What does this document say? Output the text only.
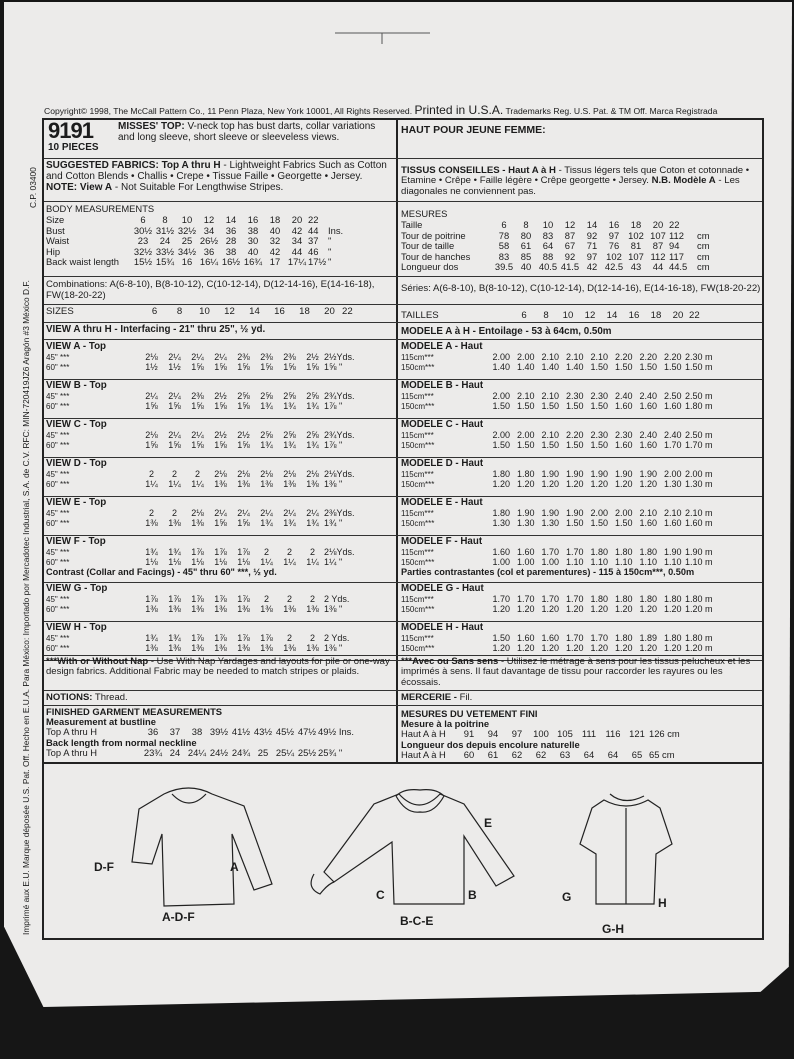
Copyright© 1998, The McCall Pattern Co., 11 Penn Plaza, New York 10001, All Rights Reserved. Printed in U.S.A. Trademarks Reg. U.S. Pat. & TM Off. Marca Registrada
C.P. 03400
Imprimé aux E.U. Marque déposée U.S. Pat. Off. Hecho en E.U.A. Para México: Importado por Mercadotec Industrial, S.A. de C.V. RFC: MIN-720419JZ6 Aragón #3 México D.F.
9191
10 PIECES
MISSES' TOP: V-neck top has bust darts, collar variations and long sleeve, short sleeve or sleeveless views.
HAUT POUR JEUNE FEMME:
SUGGESTED FABRICS: Top A thru H - Lightweight Fabrics Such as Cotton and Cotton Blends • Challis • Crepe • Tissue Faille • Georgette • Jersey. NOTE: View A - Not Suitable For Lengthwise Stripes.
TISSUS CONSEILLES - Haut A à H - Tissus légers tels que Coton et cotonnade • Etamine • Crêpe • Faille légère • Crêpe georgette • Jersey. N.B. Modèle A - Les diagonales ne conviennent pas.
BODY MEASUREMENTS
Size	6	8	10	12	14	16	18	20 22
Bust	30½ 31½ 32½ 34	36	38	40	42 44	Ins.
Waist	23	24	25 26½ 28	30	32	34 37	"
Hip	32½ 33½ 34½ 36	38	40	42	44 46	"
Back waist length 15½ 15¾ 16 16¼ 16½ 16¾ 17 17¼ 17½ "
MESURES
Taille	6	8	10	12	14	16	18	20 22
Tour de poitrine	78	80	83	87	92	97 102 107 112	cm
Tour de taille	58	61	64	67	71	76	81	87 94	cm
Tour de hanches	83	85	88	92	97 102 107 112 117	cm
Longueur dos	39.5 40 40.5 41.5 42 42.5 43	44 44.5	cm
Combinations: A(6-8-10), B(8-10-12), C(10-12-14), D(12-14-16), E(14-16-18), FW(18-20-22)
Séries: A(6-8-10), B(8-10-12), C(10-12-14), D(12-14-16), E(14-16-18), FW(18-20-22)
SIZES	6	8	10	12	14	16	18	20 22	TAILLES	6	8	10	12	14	16	18	20 22
VIEW A thru H - Interfacing - 21" thru 25", ½ yd.	MODELE A à H - Entoilage - 53 à 64cm, 0.50m
VIEW A - Top
45" ***	2⅛	2¼	2¼	2¼	2⅜	2⅜	2⅜	2½ 2½Yds.
60" ***	1½	1½	1⅝	1⅝	1⅝	1⅝	1⅝	1⅝ 1⅝ "
VIEW B - Top
45" ***	2¼	2¼	2⅜	2½	2⅝	2⅝	2⅝	2⅝ 2¾Yds.
60" ***	1⅝	1⅝	1⅝	1⅝	1⅝	1¾	1¾	1¾ 1⅞ "
VIEW C - Top
45" ***	2⅛	2¼	2¼	2½	2½	2⅝	2⅝	2⅝ 2¾Yds.
60" ***	1⅝	1⅝	1⅝	1⅝	1⅝	1¾	1¾	1¾ 1⅞ "
VIEW D - Top
45" ***	2	2	2	2⅛	2⅛	2⅛	2⅛	2⅛ 2⅛Yds.
60" ***	1¼	1¼	1¼	1⅜	1⅜	1⅜	1⅜	1⅜ 1⅜ "
VIEW E - Top
45" ***	2	2	2⅛	2¼	2¼	2¼	2¼	2¼ 2⅜Yds.
60" ***	1⅜	1⅜	1⅜	1⅝	1⅝	1¾	1¾	1¾ 1¾ "
VIEW F - Top
45" ***	1¾	1¾	1⅞	1⅞	1⅞	2	2	2	2⅛Yds.
60" ***	1⅛	1⅛	1⅛	1⅛	1⅛	1¼	1¼	1¼ 1¼ "
Contrast (Collar and Facings) - 45" thru 60" ***, ½ yd.
VIEW G - Top
45" ***	1⅞	1⅞	1⅞	1⅞	1⅞	2	2	2	2 Yds.
60" ***	1⅜	1⅜	1⅜	1⅜	1⅜	1⅜	1⅜	1⅜ 1⅜ "
VIEW H - Top
45" ***	1¾	1¾	1⅞	1⅞	1⅞	1⅞	2	2	2 Yds.
60" ***	1⅜	1⅜	1⅜	1⅜	1⅜	1⅜	1⅜	1⅜ 1⅜ "
MODELE A - Haut
115cm***	2.00 2.00 2.10 2.10 2.10 2.20 2.20 2.20 2.30 m
150cm***	1.40 1.40 1.40 1.40 1.50 1.50 1.50 1.50 1.50 m
MODELE B - Haut
115cm***	2.00 2.10 2.10 2.30 2.30 2.40 2.40 2.50 2.50 m
150cm***	1.50 1.50 1.50 1.50 1.50 1.60 1.60 1.60 1.80 m
MODELE C - Haut
115cm***	2.00 2.00 2.10 2.20 2.30 2.30 2.40 2.40 2.50 m
150cm***	1.50 1.50 1.50 1.50 1.50 1.60 1.60 1.70 1.70 m
MODELE D - Haut
115cm***	1.80 1.80 1.90 1.90 1.90 1.90 1.90 2.00 2.00 m
150cm***	1.20 1.20 1.20 1.20 1.20 1.20 1.20 1.30 1.30 m
MODELE E - Haut
115cm***	1.80 1.90 1.90 1.90 2.00 2.00 2.10 2.10 2.10 m
150cm***	1.30 1.30 1.30 1.50 1.50 1.50 1.60 1.60 1.60 m
MODELE F - Haut
115cm***	1.60 1.60 1.70 1.70 1.80 1.80 1.80 1.90 1.90 m
150cm***	1.00 1.00 1.00 1.10 1.10 1.10 1.10 1.10 1.10 m
Parties contrastantes (col et parementures) - 115 à 150cm***, 0.50m
MODELE G - Haut
115cm***	1.70 1.70 1.70 1.70 1.80 1.80 1.80 1.80 1.80 m
150cm***	1.20 1.20 1.20 1.20 1.20 1.20 1.20 1.20 1.20 m
MODELE H - Haut
115cm***	1.50 1.60 1.60 1.70 1.70 1.80 1.89 1.80 1.80 m
150cm***	1.20 1.20 1.20 1.20 1.20 1.20 1.20 1.20 1.20 m
***With or Without Nap - Use With Nap Yardages and layouts for pile or one-way design fabrics. Additional Fabric may be needed to match stripes or plaids.
***Avec ou Sans sens - Utilisez le métrage à sens pour les tissus pelucheux et les imprimés à sens. Il faut davantage de tissu pour raccorder les rayures ou les écossais.
NOTIONS: Thread.	MERCERIE - Fil.
FINISHED GARMENT MEASUREMENTS
Measurement at bustline
Top A thru H	36	37	38 39½ 41½ 43½ 45½ 47½ 49½ Ins.
Back length from normal neckline
Top A thru H	23¾ 24 24¼ 24½ 24¾ 25 25¼ 25½ 25¾ "
MESURES DU VETEMENT FINI
Mesure à la poitrine
Haut A à H	91	94	97	100 105 111 116 121 126 cm
Longueur dos depuis encolure naturelle
Haut A à H	60	61	62	62	63	64	64	65 65 cm
D-F	A
A-D-F
C
E
B
B-C-E
G	H
G-H
